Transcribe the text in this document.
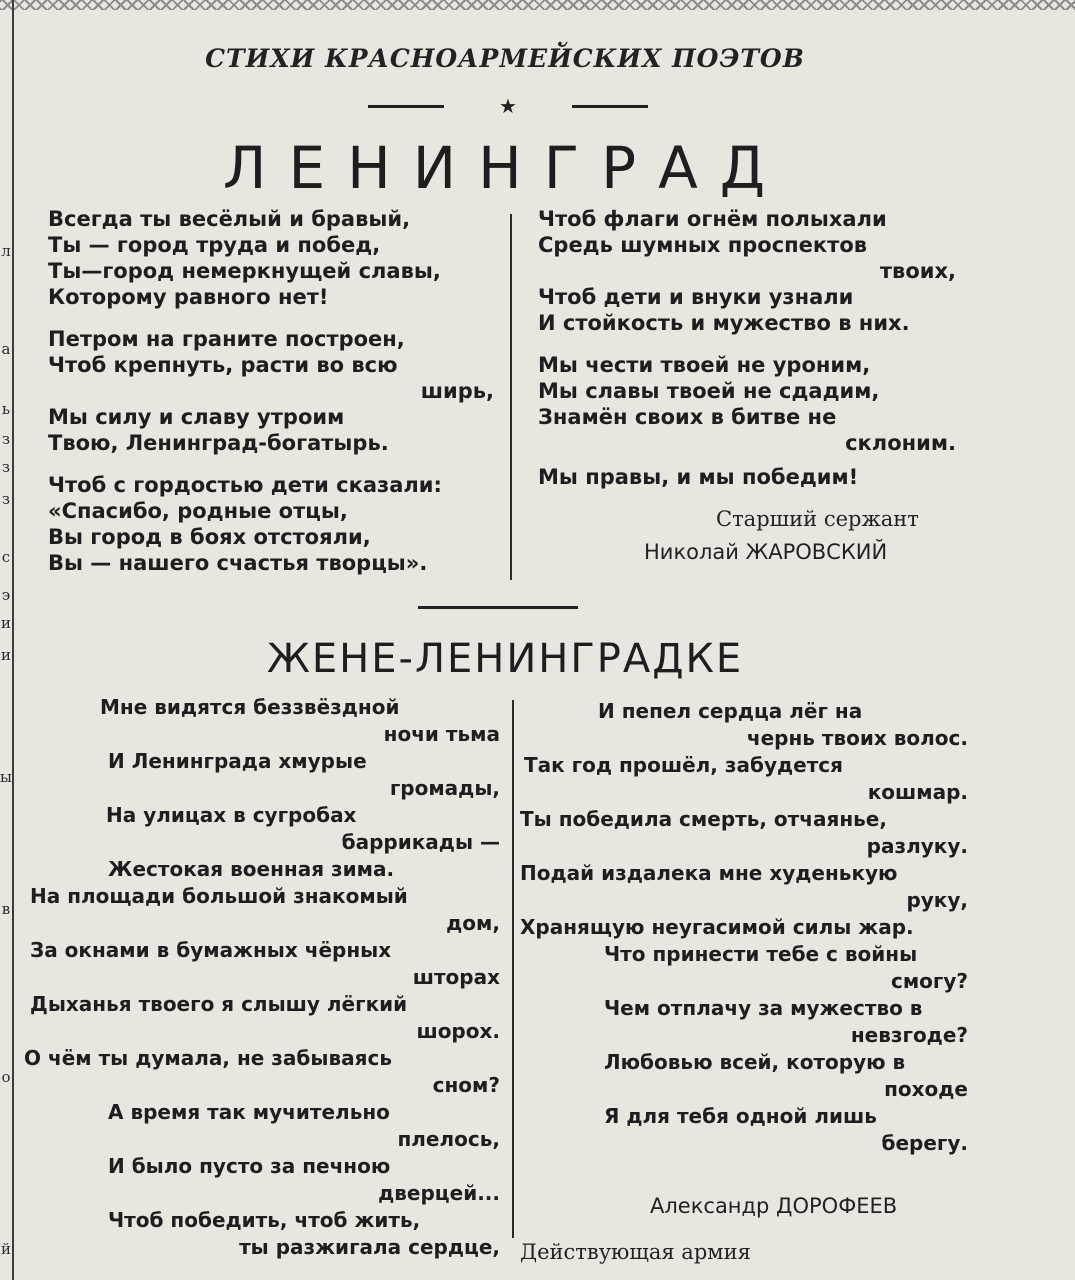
л
а
ь
з
з
з
с
э
и
и
ы
в
о
й
СТИХИ КРАСНОАРМЕЙСКИХ ПОЭТОВ
★
ЛЕНИНГРАД
Всегда ты весёлый и бравый,
Ты — город труда и побед,
Ты—город немеркнущей славы,
Которому равного нет!
Петром на граните построен,
Чтоб крепнуть, расти во всю
ширь,
Мы силу и славу утроим
Твою, Ленинград-богатырь.
Чтоб с гордостью дети сказали:
«Спасибо, родные отцы,
Вы город в боях отстояли,
Вы — нашего счастья творцы».
Чтоб флаги огнём полыхали
Средь шумных проспектов
твоих,
Чтоб дети и внуки узнали
И стойкость и мужество в них.
Мы чести твоей не уроним,
Мы славы твоей не сдадим,
Знамён своих в битве не
склоним.
Мы правы, и мы победим!
Старший сержант
Николай ЖАРОВСКИЙ
ЖЕНЕ-ЛЕНИНГРАДКЕ
Мне видятся беззвёздной
ночи тьма
И Ленинграда хмурые
громады,
На улицах в сугробах
баррикады —
Жестокая военная зима.
На площади большой знакомый
дом,
За окнами в бумажных чёрных
шторах
Дыханья твоего я слышу лёгкий
шорох.
О чём ты думала, не забываясь
сном?
А время так мучительно
плелось,
И было пусто за печною
дверцей...
Чтоб победить, чтоб жить,
ты разжигала сердце,
И пепел сердца лёг на
чернь твоих волос.
Так год прошёл, забудется
кошмар.
Ты победила смерть, отчаянье,
разлуку.
Подай издалека мне худенькую
руку,
Хранящую неугасимой силы жар.
Что принести тебе с войны
смогу?
Чем отплачу за мужество в
невзгоде?
Любовью всей, которую в
походе
Я для тебя одной лишь
берегу.
Александр ДОРОФЕЕВ
Действующая армия
